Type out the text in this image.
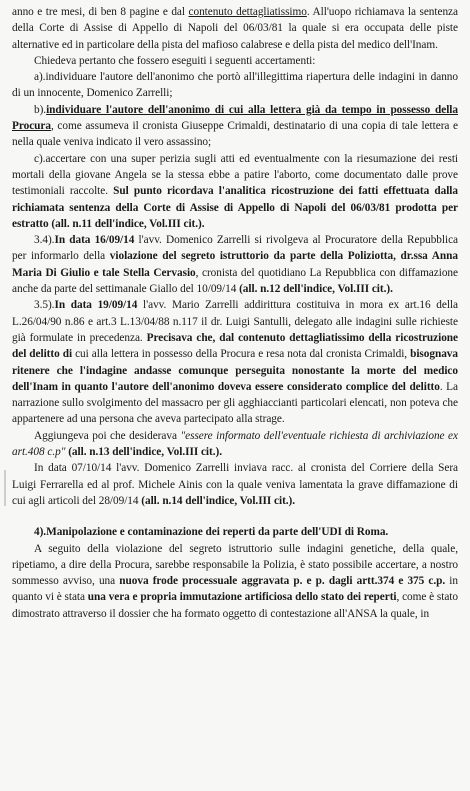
anno e tre mesi, di ben 8 pagine e dal contenuto dettagliatissimo. All'uopo richiamava la sentenza della Corte di Assise di Appello di Napoli del 06/03/81 la quale si era occupata delle piste alternative ed in particolare della pista del mafioso calabrese e della pista del medico dell'Inam.

Chiedeva pertanto che fossero eseguiti i seguenti accertamenti:

a).individuare l'autore dell'anonimo che portò all'illegittima riapertura delle indagini in danno di un innocente, Domenico Zarrelli;

b).individuare l'autore dell'anonimo di cui alla lettera già da tempo in possesso della Procura, come assumeva il cronista Giuseppe Crimaldi, destinatario di una copia di tale lettera e nella quale veniva indicato il vero assassino;

c).accertare con una super perizia sugli atti ed eventualmente con la riesumazione dei resti mortali della giovane Angela se la stessa ebbe a patire l'aborto, come documentato dalle prove testimoniali raccolte. Sul punto ricordava l'analitica ricostruzione dei fatti effettuata dalla richiamata sentenza della Corte di Assise di Appello di Napoli del 06/03/81 prodotta per estratto (all. n.11 dell'indice, Vol.III cit.).

3.4).In data 16/09/14 l'avv. Domenico Zarrelli si rivolgeva al Procuratore della Repubblica per informarlo della violazione del segreto istruttorio da parte della Poliziotta, dr.ssa Anna Maria Di Giulio e tale Stella Cervasio, cronista del quotidiano La Repubblica con diffamazione anche da parte del settimanale Giallo del 10/09/14 (all. n.12 dell'indice, Vol.III cit.).

3.5).In data 19/09/14 l'avv. Mario Zarrelli addirittura costituiva in mora ex art.16 della L.26/04/90 n.86 e art.3 L.13/04/88 n.117 il dr. Luigi Santulli, delegato alle indagini sulle richieste già formulate in precedenza. Precisava che, dal contenuto dettagliatissimo della ricostruzione del delitto di cui alla lettera in possesso della Procura e resa nota dal cronista Crimaldi, bisognava ritenere che l'indagine andasse comunque perseguita nonostante la morte del medico dell'Inam in quanto l'autore dell'anonimo doveva essere considerato complice del delitto. La narrazione sullo svolgimento del massacro per gli agghiaccianti particolari elencati, non poteva che appartenere ad una persona che aveva partecipato alla strage.

Aggiungeva poi che desiderava "essere informato dell'eventuale richiesta di archiviazione ex art.408 c.p" (all. n.13 dell'indice, Vol.III cit.).

In data 07/10/14 l'avv. Domenico Zarrelli inviava racc. al cronista del Corriere della Sera Luigi Ferrarella ed al prof. Michele Ainis con la quale veniva lamentata la grave diffamazione di cui agli articoli del 28/09/14 (all. n.14 dell'indice, Vol.III cit.).

4).Manipolazione e contaminazione dei reperti da parte dell'UDI di Roma.

A seguito della violazione del segreto istruttorio sulle indagini genetiche, della quale, ripetiamo, a dire della Procura, sarebbe responsabile la Polizia, è stato possibile accertare, a nostro sommesso avviso, una nuova frode processuale aggravata p. e p. dagli artt.374 e 375 c.p. in quanto vi è stata una vera e propria immutazione artificiosa dello stato dei reperti, come è stato dimostrato attraverso il dossier che ha formato oggetto di contestazione all'ANSA la quale, in
